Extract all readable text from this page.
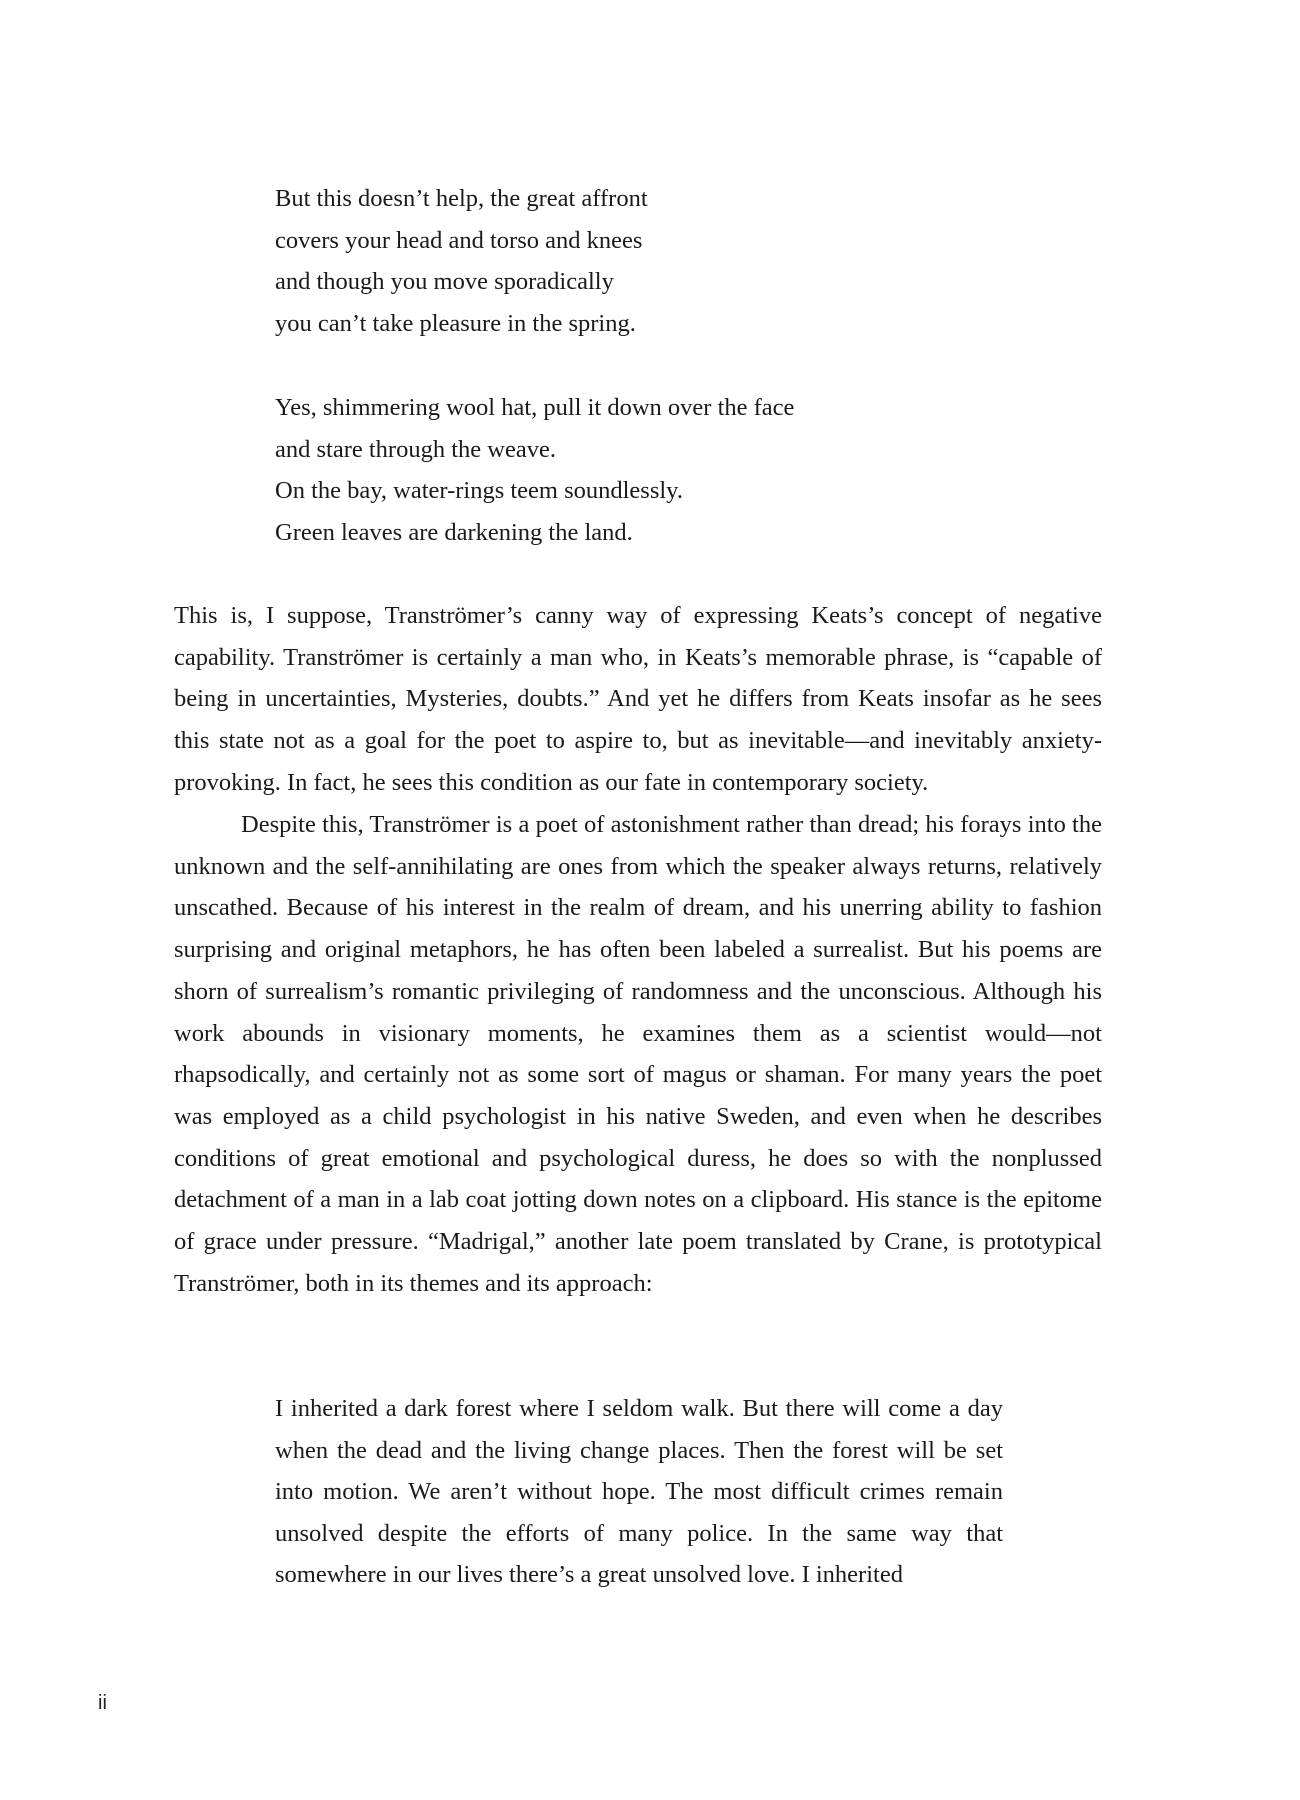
But this doesn’t help, the great affront
covers your head and torso and knees
and though you move sporadically
you can’t take pleasure in the spring.
Yes, shimmering wool hat, pull it down over the face
and stare through the weave.
On the bay, water-rings teem soundlessly.
Green leaves are darkening the land.

This is, I suppose, Tranströmer’s canny way of expressing Keats’s concept of negative capability. Tranströmer is certainly a man who, in Keats’s memorable phrase, is “capable of being in uncertainties, Mysteries, doubts.” And yet he differs from Keats insofar as he sees this state not as a goal for the poet to aspire to, but as inevitable—and inevitably anxiety-provoking. In fact, he sees this condition as our fate in contemporary society.

Despite this, Tranströmer is a poet of astonishment rather than dread; his forays into the unknown and the self-annihilating are ones from which the speaker always returns, relatively unscathed. Because of his interest in the realm of dream, and his unerring ability to fashion surprising and original metaphors, he has often been labeled a surrealist. But his poems are shorn of surrealism’s romantic privileging of randomness and the unconscious. Although his work abounds in visionary moments, he examines them as a scientist would—not rhapsodically, and certainly not as some sort of magus or shaman. For many years the poet was employed as a child psychologist in his native Sweden, and even when he describes conditions of great emotional and psychological duress, he does so with the nonplussed detachment of a man in a lab coat jotting down notes on a clipboard. His stance is the epitome of grace under pressure. “Madrigal,” another late poem translated by Crane, is prototypical Tranströmer, both in its themes and its approach:

I inherited a dark forest where I seldom walk. But there will come a day when the dead and the living change places. Then the forest will be set into motion. We aren’t without hope. The most difficult crimes remain unsolved despite the efforts of many police. In the same way that somewhere in our lives there’s a great unsolved love. I inherited
ii
